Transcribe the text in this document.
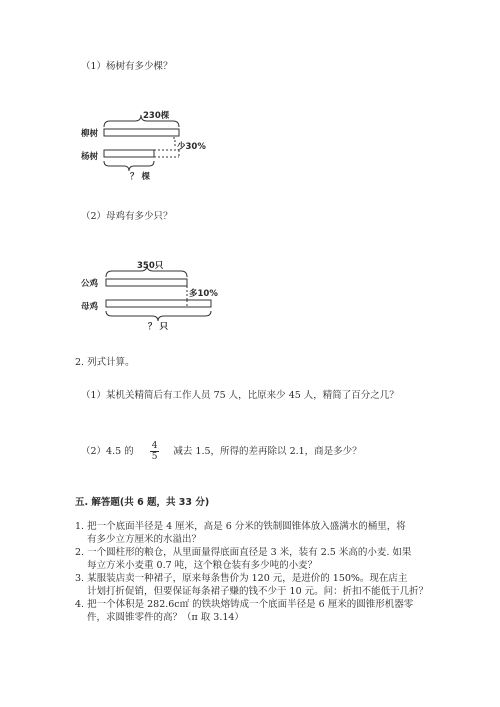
（1）杨树有多少棵？
230棵
柳树
杨树
少30%
？ 棵
（2）母鸡有多少只？
350只
公鸡
母鸡
多10%
？ 只
2. 列式计算。
（1）某机关精简后有工作人员 75 人，比原来少 45 人，精简了百分之几？
（2）4.5 的 $\frac{4}{5}$ 减去 1.5，所得的差再除以 2.1，商是多少？
五. 解答题(共 6 题，共 33 分)
1. 把一个底面半径是 4 厘米，高是 6 分米的铁制圆锥体放入盛满水的桶里，将
有多少立方厘米的水溢出？
2. 一个圆柱形的粮仓，从里面量得底面直径是 3 米，装有 2.5 米高的小麦. 如果
每立方米小麦重 0.7 吨，这个粮仓装有多少吨的小麦？
3. 某服装店卖一种裙子，原来每条售价为 120 元，是进价的 150%。现在店主
计划打折促销，但要保证每条裙子赚的钱不少于 10 元。问：折扣不能低于几折？
4. 把一个体积是 282.6c㎡ 的铁块熔铸成一个底面半径是 6 厘米的圆锥形机器零
件，求圆锥零件的高？（π 取 3.14）
